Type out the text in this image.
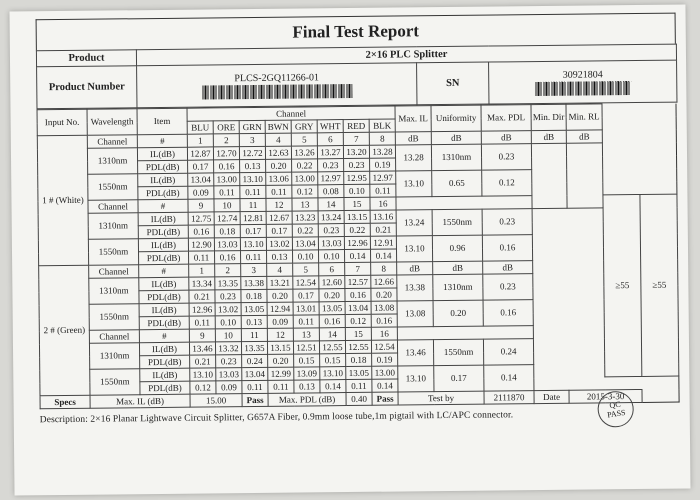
Final Test Report
Product	2×16 PLC Splitter		
Product Number	PLCS-2GQ11266-01	SN	30921804
Input No.	Wavelength	Item	Channel								Max. IL	Uniformity	Max. PDL	Min. Dir	Min. RL		
			BLU	ORE	GRN	BWN	GRY	WHT	RED	BLK							
1 # (White)	Channel	#	1	2	3	4	5	6	7	8	dB	dB	dB	dB	dB		
	1310nm	IL(dB)	12.87	12.70	12.72	12.63	13.26	13.27	13.20	13.28	13.28	1310nm	0.23				
		PDL(dB)	0.17	0.16	0.13	0.20	0.22	0.23	0.23	0.19							
	1550nm	IL(dB)	13.04	13.00	13.10	13.06	13.00	12.97	12.95	12.97	13.10	0.65	0.12				
		PDL(dB)	0.09	0.11	0.11	0.11	0.12	0.08	0.10	0.11							
	Channel	#	9	10	11	12	13	14	15	16						≥55	≥55
	1310nm	IL(dB)	12.75	12.74	12.81	12.67	13.23	13.24	13.15	13.16	13.24	1550nm	0.23				
		PDL(dB)	0.16	0.18	0.17	0.17	0.22	0.23	0.22	0.21							
	1550nm	IL(dB)	12.90	13.03	13.10	13.02	13.04	13.03	12.96	12.91	13.10	0.96	0.16				
		PDL(dB)	0.11	0.16	0.11	0.13	0.10	0.10	0.14	0.14							
2 # (Green)	Channel	#	1	2	3	4	5	6	7	8	dB	dB	dB				
	1310nm	IL(dB)	13.34	13.35	13.38	13.21	12.54	12.60	12.57	12.66	13.38	1310nm	0.23				
		PDL(dB)	0.21	0.23	0.18	0.20	0.17	0.20	0.16	0.20							
	1550nm	IL(dB)	12.96	13.02	13.05	12.94	13.01	13.05	13.04	13.08	13.08	0.20	0.16				
		PDL(dB)	0.11	0.10	0.13	0.09	0.11	0.16	0.12	0.16							
	Channel	#	9	10	11	12	13	14	15	16							
	1310nm	IL(dB)	13.46	13.32	13.35	13.15	12.51	12.55	12.55	12.54	13.46	1550nm	0.24				
		PDL(dB)	0.21	0.23	0.24	0.20	0.15	0.15	0.18	0.19							
	1550nm	IL(dB)	13.10	13.03	13.04	12.99	13.09	13.10	13.05	13.00	13.10	0.17	0.14				
		PDL(dB)	0.12	0.09	0.11	0.11	0.13	0.14	0.11	0.14							
Specs	Max. IL (dB)		15.00		Pass	Max. PDL (dB)			0.40	Pass	Test by		2111870	Date	2015-3-30		
Description: 2×16 Planar Lightwave Circuit Splitter, G657A Fiber, 0.9mm loose tube,1m pigtail with LC/APC connector.
QC
PASS
